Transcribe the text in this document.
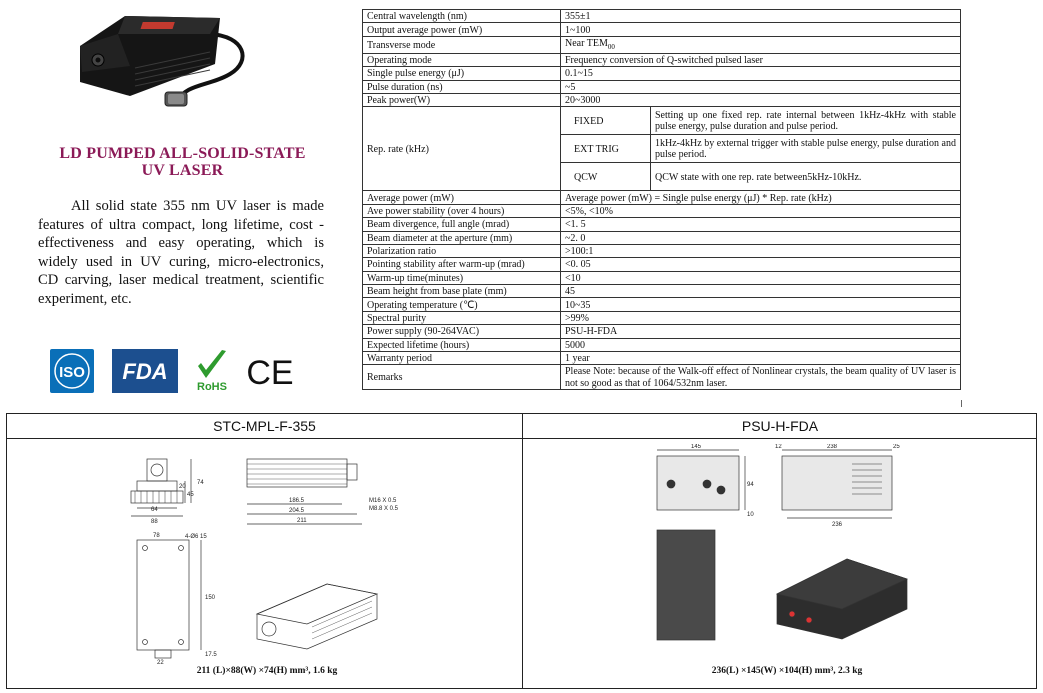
LD PUMPED ALL-SOLID-STATE
UV LASER
All solid state 355 nm UV laser is made features of ultra compact, long lifetime, cost -effectiveness and easy operating, which is widely used in UV curing, micro-electronics, CD carving, laser medical treatment, scientific experiment, etc.
ISO FDA
RoHS CE
Central wavelength (nm)	355±1	
Output average power (mW)	1~100	
Transverse mode	Near $TEM_{00}$
Operating mode	Frequency conversion of Q-switched pulsed laser	
Single pulse energy (μJ)	0.1~15	
Pulse duration (ns)	~5	
Peak power(W)	20~3000	
Rep. rate (kHz)	FIXED	Setting up one fixed rep. rate internal between 1kHz-4kHz with stable pulse energy, pulse duration and pulse period.
	EXT TRIG	1kHz-4kHz by external trigger with stable pulse energy, pulse duration and pulse period.
	QCW	QCW state with one rep. rate between5kHz-10kHz.
Average power (mW)	Average power (mW) = Single pulse energy (μJ) * Rep. rate (kHz)	
Ave power stability (over 4 hours)	<5%, <10%	
Beam divergence, full angle (mrad)	<1. 5	
Beam diameter at the aperture (mm)	~2. 0	
Polarization ratio	>100:1	
Pointing stability after warm-up (mrad)	<0. 05	
Warm-up time(minutes)	<10	
Beam height from base plate (mm)	45	
Operating temperature (℃)	10~35	
Spectral purity	>99%	
Power supply (90-264VAC)	PSU-H-FDA	
Expected lifetime (hours)	5000	
Warranty period	1 year	
Remarks	Please Note: because of the Walk-off effect of Nonlinear crystals, the beam quality of UV laser is not so good as that of 1064/532nm laser.	
STC-MPL-F-355	PSU-H-FDA
64
88
78
74
45
20
186.5
204.5
211
M16 X 0.5
M8.8 X 0.5
4-Ø6 15
150
17.5
22
211 (L)×88(W) ×74(H) mm³, 1.6 kg
145
94
10
12	238	25
236
236(L) ×145(W) ×104(H) mm³, 2.3 kg
